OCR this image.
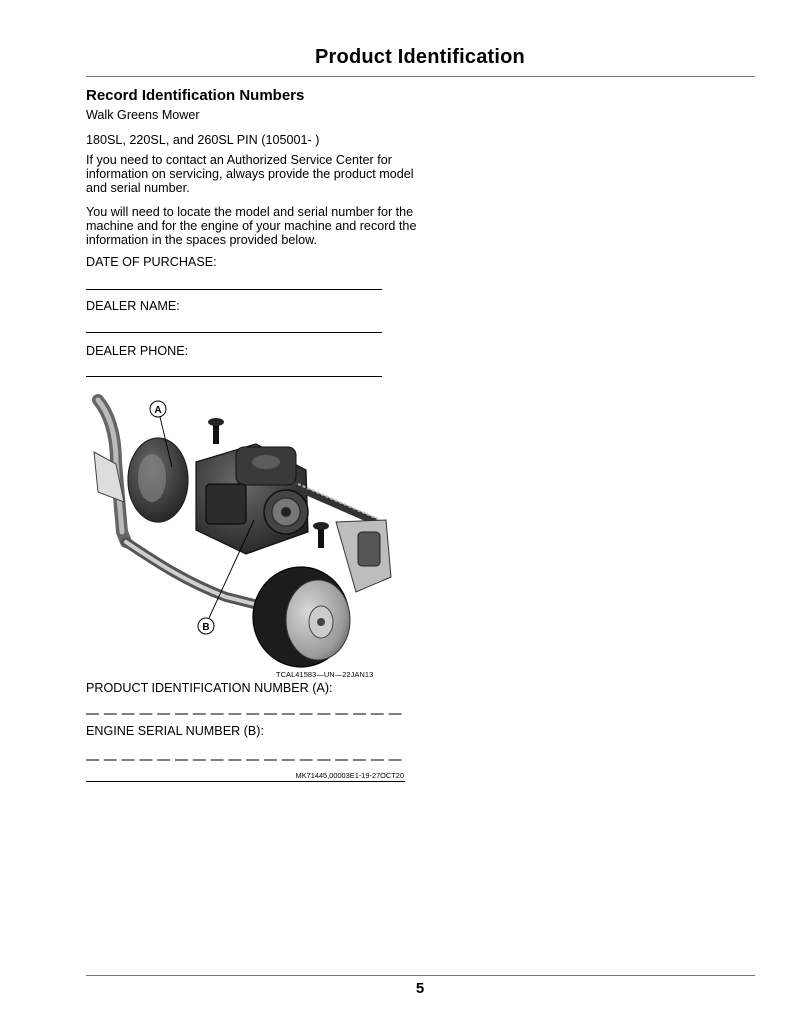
Product Identification
Record Identification Numbers
Walk Greens Mower
180SL, 220SL, and 260SL PIN (105001- )
If you need to contact an Authorized Service Center for information on servicing, always provide the product model and serial number.
You will need to locate the model and serial number for the machine and for the engine of your machine and record the information in the spaces provided below.
DATE OF PURCHASE:
DEALER NAME:
DEALER PHONE:
A
B
TCAL41583—UN—22JAN13
PRODUCT IDENTIFICATION NUMBER (A):
ENGINE SERIAL NUMBER (B):
MK71445,00003E1-19-27OCT20
5
